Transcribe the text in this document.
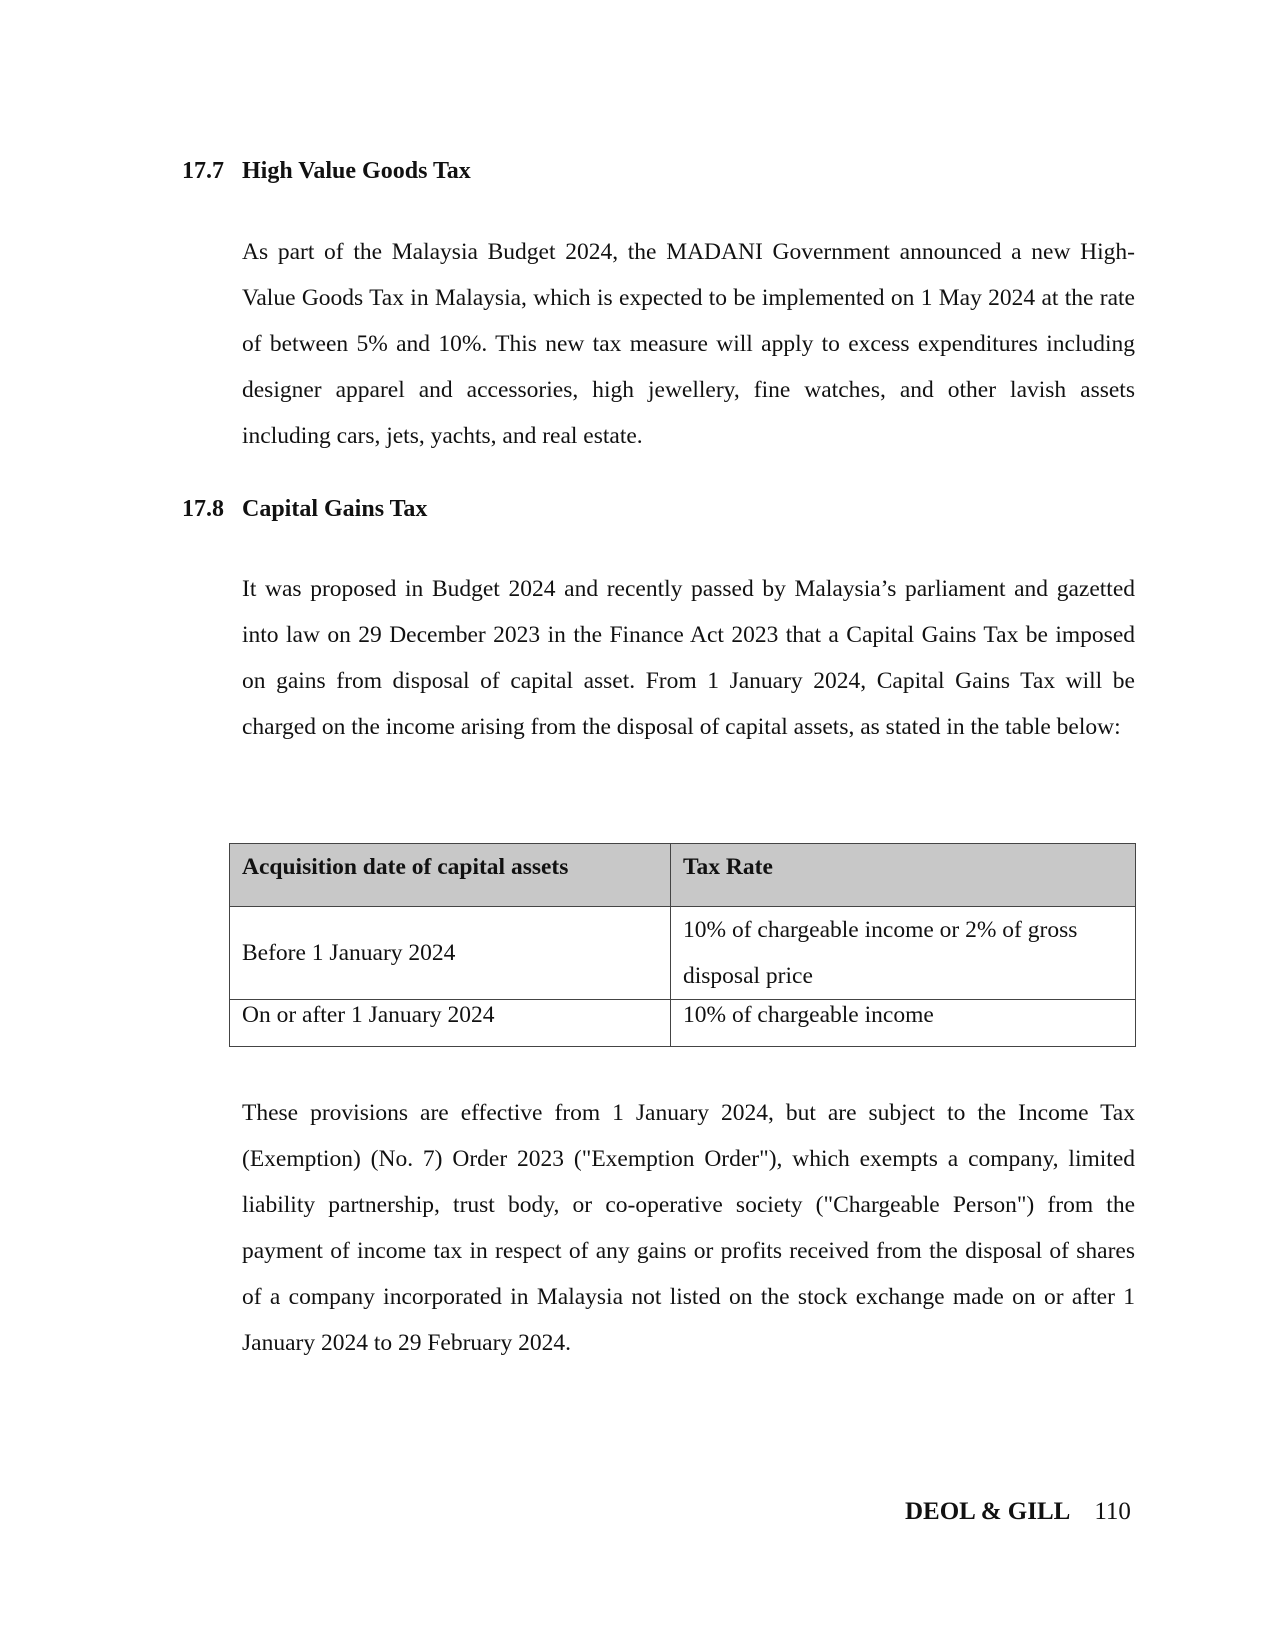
17.7 High Value Goods Tax

As part of the Malaysia Budget 2024, the MADANI Government announced a new High-Value Goods Tax in Malaysia, which is expected to be implemented on 1 May 2024 at the rate of between 5% and 10%. This new tax measure will apply to excess expenditures including designer apparel and accessories, high jewellery, fine watches, and other lavish assets including cars, jets, yachts, and real estate.

17.8 Capital Gains Tax

It was proposed in Budget 2024 and recently passed by Malaysia’s parliament and gazetted into law on 29 December 2023 in the Finance Act 2023 that a Capital Gains Tax be imposed on gains from disposal of capital asset. From 1 January 2024, Capital Gains Tax will be charged on the income arising from the disposal of capital assets, as stated in the table below:

Acquisition date of capital assets	Tax Rate
Before 1 January 2024	10% of chargeable income or 2% of gross disposal price
On or after 1 January 2024	10% of chargeable income

These provisions are effective from 1 January 2024, but are subject to the Income Tax (Exemption) (No. 7) Order 2023 ("Exemption Order"), which exempts a company, limited liability partnership, trust body, or co-operative society ("Chargeable Person") from the payment of income tax in respect of any gains or profits received from the disposal of shares of a company incorporated in Malaysia not listed on the stock exchange made on or after 1 January 2024 to 29 February 2024.

DEOL & GILL 110
